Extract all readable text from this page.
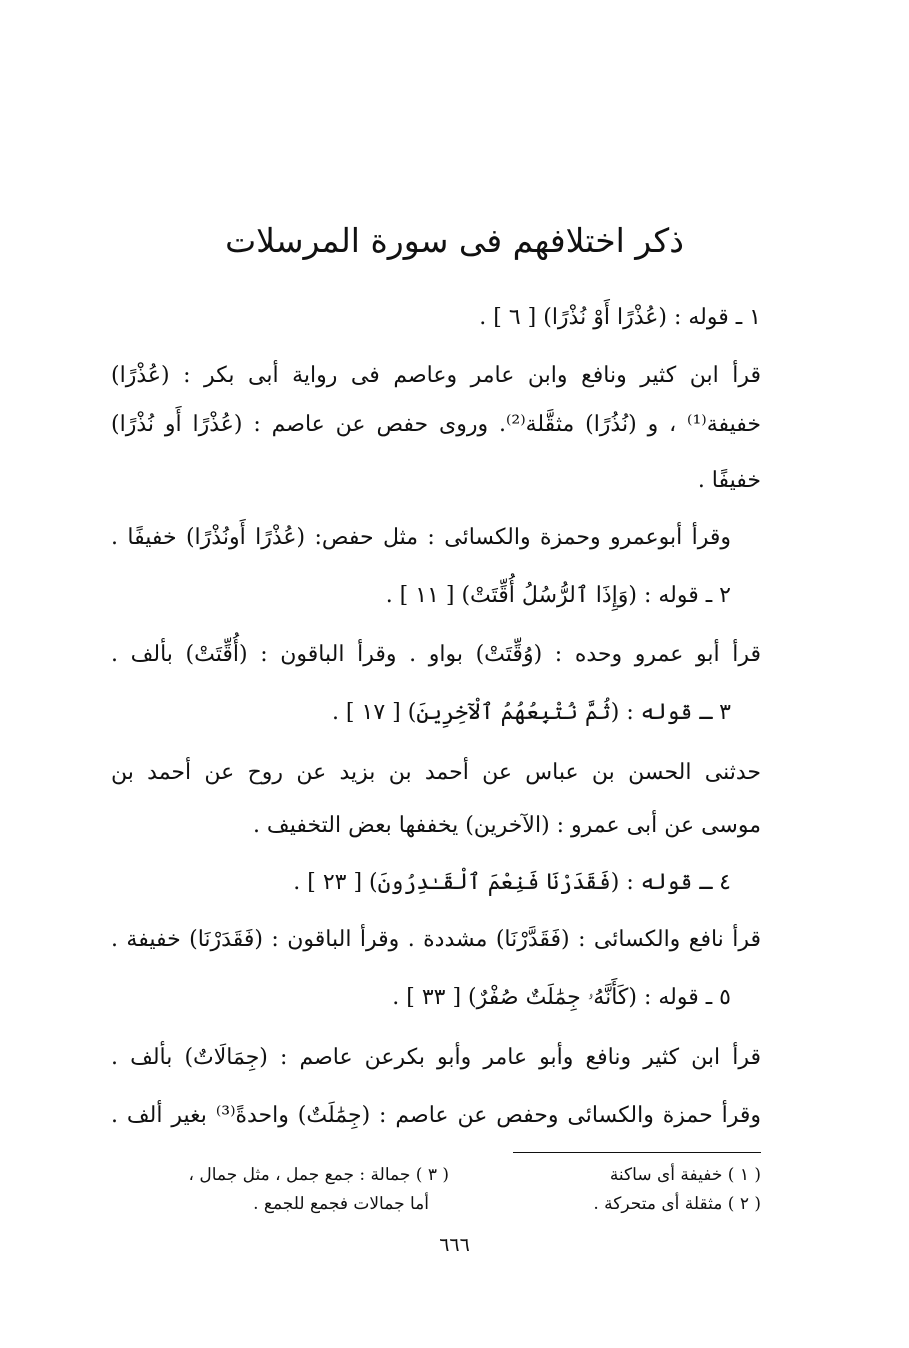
ذكر اختلافهم فى سورة المرسلات
١ ـ قوله : (عُذْرًا أَوْ نُذْرًا) [ ٦ ] .
قرأ ابن كثير ونافع وابن عامر وعاصم فى رواية أبى بكر : (عُذْرًا)
خفيفة⁽¹⁾ ، و (نُذُرًا) مثقَّلة⁽²⁾. وروى حفص عن عاصم : (عُذْرًا أَو نُذْرًا)
خفيفًا .
وقرأ أبوعمرو وحمزة والكسائى : مثل حفص: (عُذْرًا أَونُذْرًا) خفيفًا .
٢ ـ قوله : (وَإِذَا ٱلرُّسُلُ أُقِّتَتْ) [ ١١ ] .
قرأ أبو عمرو وحده : (وُقِّتَتْ) بواو . وقرأ الباقون : (أُقِّتَتْ) بألف .
٣ ـ قوله : (ثُمَّ نُتْبِعُهُمُ ٱلْآخِرِينَ) [ ١٧ ] .
حدثنى الحسن بن عباس عن أحمد بن بزيد عن روح عن أحمد بن
موسى عن أبى عمرو : (الآخرين) يخففها بعض التخفيف .
٤ ـ قوله : (فَقَدَرْنَا فَنِعْمَ ٱلْقَـٰدِرُونَ) [ ٢٣ ] .
قرأ نافع والكسائى : (فَقَدَّرْنَا) مشددة . وقرأ الباقون : (فَقَدَرْنَا) خفيفة .
٥ ـ قوله : (كَأَنَّهُۥ جِمَٰلَتٌ صُفْرٌ) [ ٣٣ ] .
قرأ ابن كثير ونافع وأبو عامر وأبو بكرعن عاصم : (جِمَالَاتٌ) بألف .
وقرأ حمزة والكسائى وحفص عن عاصم : (جِمَٰلَتٌ) واحدةً⁽³⁾ بغير ألف .
( ١ ) خفيفة أى ساكنة
( ٢ ) مثقلة أى متحركة .
( ٣ ) جمالة : جمع جمل ، مثل جمال ،
أما جمالات فجمع للجمع .
٦٦٦
